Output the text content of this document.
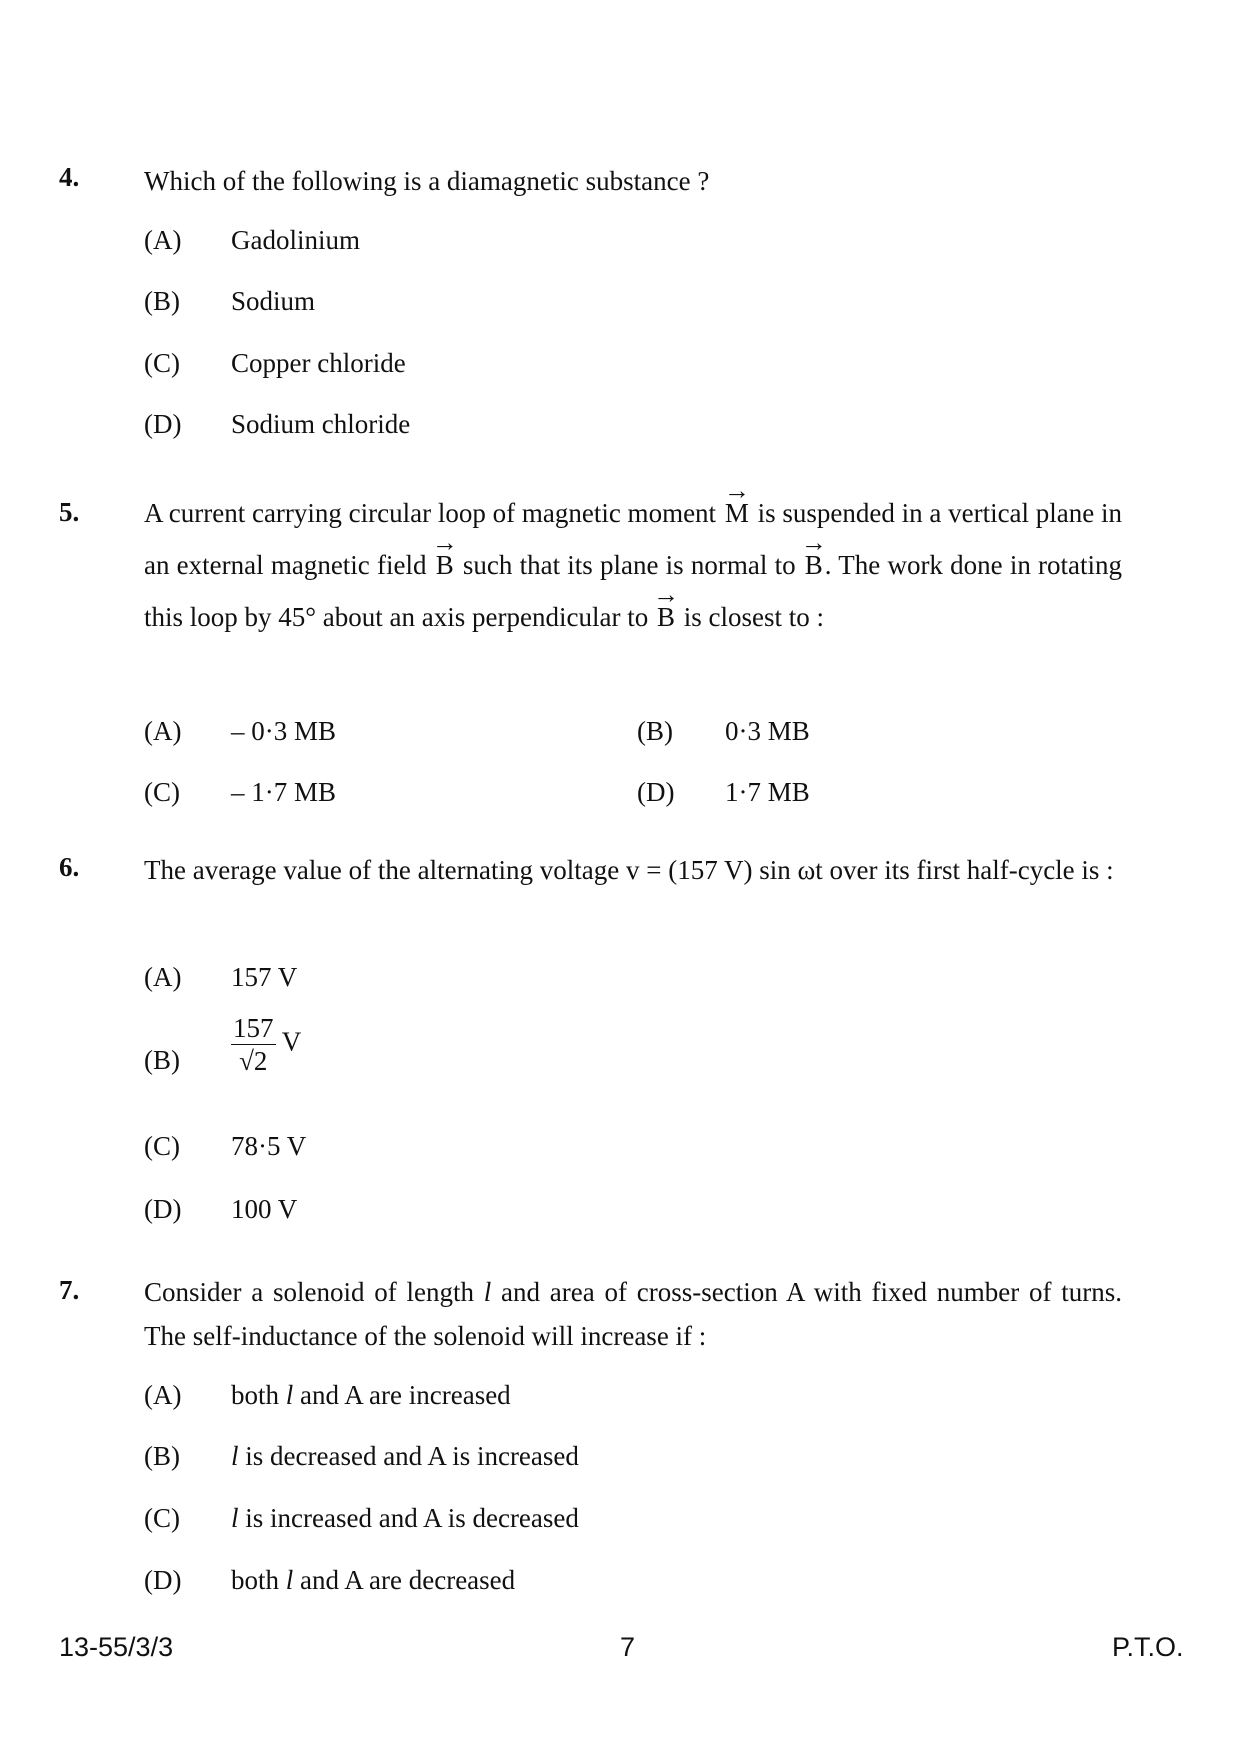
4. Which of the following is a diamagnetic substance ?
(A) Gadolinium
(B) Sodium
(C) Copper chloride
(D) Sodium chloride
5. A current carrying circular loop of magnetic moment → M is suspended in a vertical plane in an external magnetic field → B such that its plane is normal to → B. The work done in rotating this loop by 45° about an axis perpendicular to → B is closest to :
(A) – 0·3 MB	(B) 0·3 MB
(C) – 1·7 MB	(D) 1·7 MB
6. The average value of the alternating voltage v = (157 V) sin ωt over its first half-cycle is :
(A) 157 V
$(B) \frac{157}{√2}$ V
(C) 78·5 V
(D) 100 V
7. Consider a solenoid of length l and area of cross-section A with fixed number of turns. The self-inductance of the solenoid will increase if :
(A) both l and A are increased
(B) l is decreased and A is increased
(C) l is increased and A is decreased
(D) both l and A are decreased
13-55/3/3	7	P.T.O.
